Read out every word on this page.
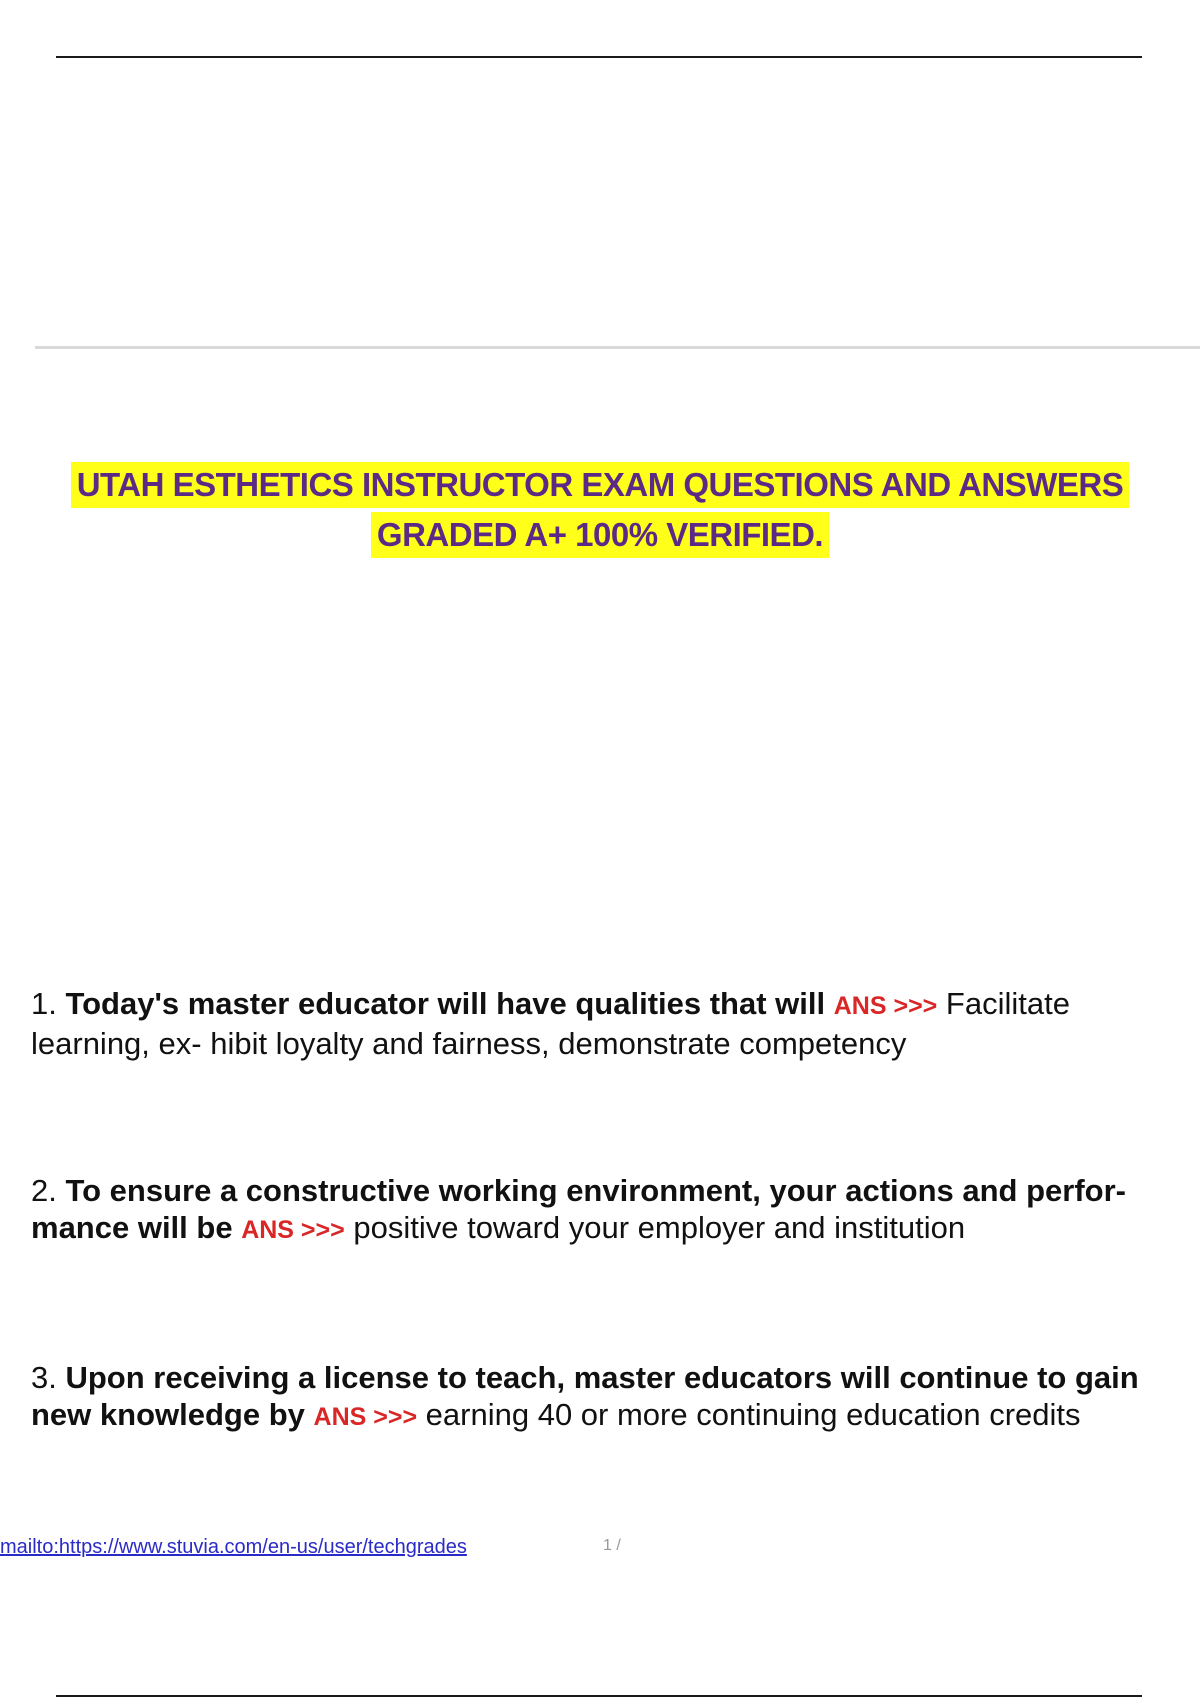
UTAH ESTHETICS INSTRUCTOR EXAM QUESTIONS AND ANSWERS
GRADED A+ 100% VERIFIED.
1. Today's master educator will have qualities that will ANS >>> Facilitate learning, ex- hibit loyalty and fairness, demonstrate competency
2. To ensure a constructive working environment, your actions and perfor- mance will be ANS >>> positive toward your employer and institution
3. Upon receiving a license to teach, master educators will continue to gain new knowledge by ANS >>> earning 40 or more continuing education credits
mailto:https://www.stuvia.com/en-us/user/techgrades	1 /
